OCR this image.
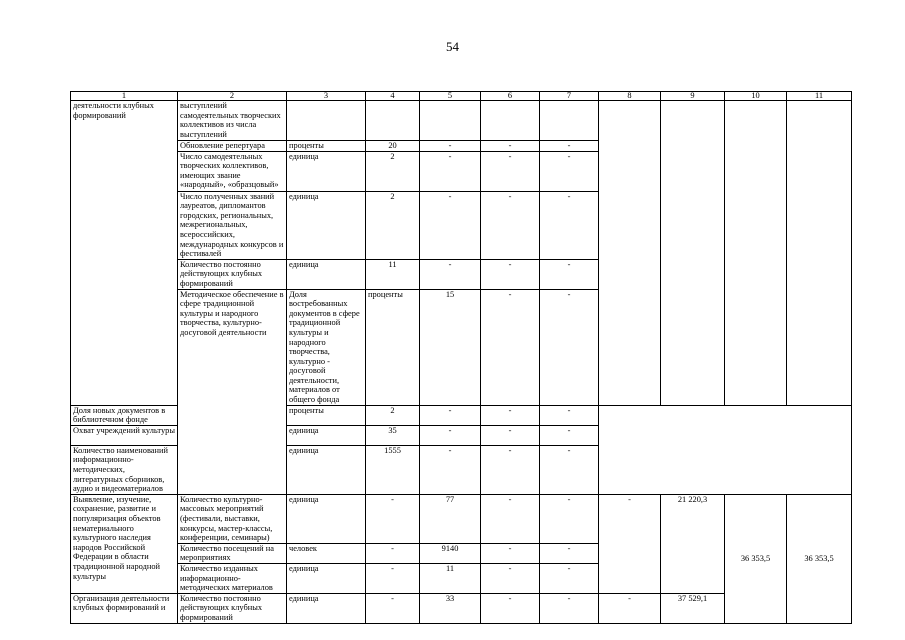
54
1	2	3	4	5	6	7	8	9	10	11	
деятельности клубных формирований	выступлений самодеятельных творческих коллективов из числа выступлений										
	Обновление репертуара	проценты	20	-	-	-					
	Число самодеятельных творческих коллективов, имеющих звание «народный», «образцовый»	единица	2	-	-	-					
	Число полученных званий лауреатов, дипломантов городских, региональных, межрегиональных, всероссийских, международных конкурсов и фестивалей	единица	2	-	-	-					
	Количество постоянно действующих клубных формирований	единица	11	-	-	-					
	Методическое обеспечение в сфере традиционной культуры и народного творчества, культурно-досуговой деятельности	Доля востребованных документов в сфере традиционной культуры и народного творчества, культурно - досуговой деятельности, материалов от общего фонда	проценты	15	-	-					
Доля новых документов в библиотечном фонде		проценты	2	-	-	-					
Охват учреждений культуры		единица	35	-	-	-					
Количество наименований информационно-методических, литературных сборников, аудио и видеоматериалов		единица	1555	-	-	-					
Выявление, изучение, сохранение, развитие и популяризация объектов нематериального культурного наследия народов Российской Федерации в области традиционной народной культуры	Количество культурно-массовых мероприятий (фестивали, выставки, конкурсы, мастер-классы, конференции, семинары)	единица	-	77	-	-	-	21 220,3	36 353,5	36 353,5	
	Количество посещений на мероприятиях	человек	-	9140	-	-					
	Количество изданных информационно-методических материалов	единица	-	11	-	-					
Организация деятельности клубных формирований и	Количество постоянно действующих клубных формирований	единица	-	33	-	-	-	37 529,1			
